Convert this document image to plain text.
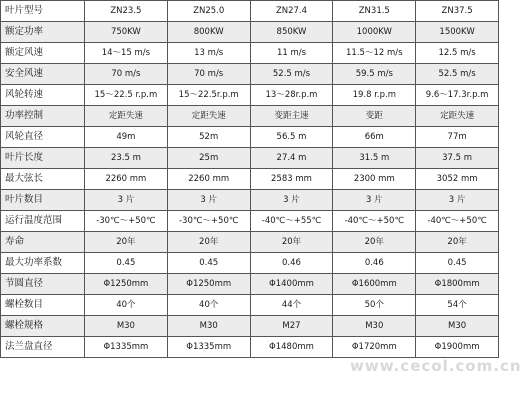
叶片型号	ZN23.5	ZN25.0	ZN27.4	ZN31.5	ZN37.5
额定功率	750KW	800KW	850KW	1000KW	1500KW
额定风速	14～15 m/s	13 m/s	11 m/s	11.5～12 m/s	12.5 m/s
安全风速	70 m/s	70 m/s	52.5 m/s	59.5 m/s	52.5 m/s
风轮转速	15～22.5 r.p.m	15～22.5r.p.m	13～28r.p.m	19.8 r.p.m	9.6～17.3r.p.m
功率控制	定距失速	定距失速	变距主速	变距	定距失速
风轮直径	49m	52m	56.5 m	66m	77m
叶片长度	23.5 m	25m	27.4 m	31.5 m	37.5 m
最大弦长	2260 mm	2260 mm	2583 mm	2300 mm	3052 mm
叶片数目	3 片	3 片	3 片	3 片	3 片
运行温度范围	-30℃～+50℃	-30℃～+50℃	-40℃～+55℃	-40℃～+50℃	-40℃～+50℃
寿命	20年	20年	20年	20年	20年
最大功率系数	0.45	0.45	0.46	0.46	0.45
节圆直径	Φ1250mm	Φ1250mm	Φ1400mm	Φ1600mm	Φ1800mm
螺栓数目	40个	40个	44个	50个	54个
螺栓规格	M30	M30	M27	M30	M30
法兰盘直径	Φ1335mm	Φ1335mm	Φ1480mm	Φ1720mm	Φ1900mm
www.cecol.com.cn
